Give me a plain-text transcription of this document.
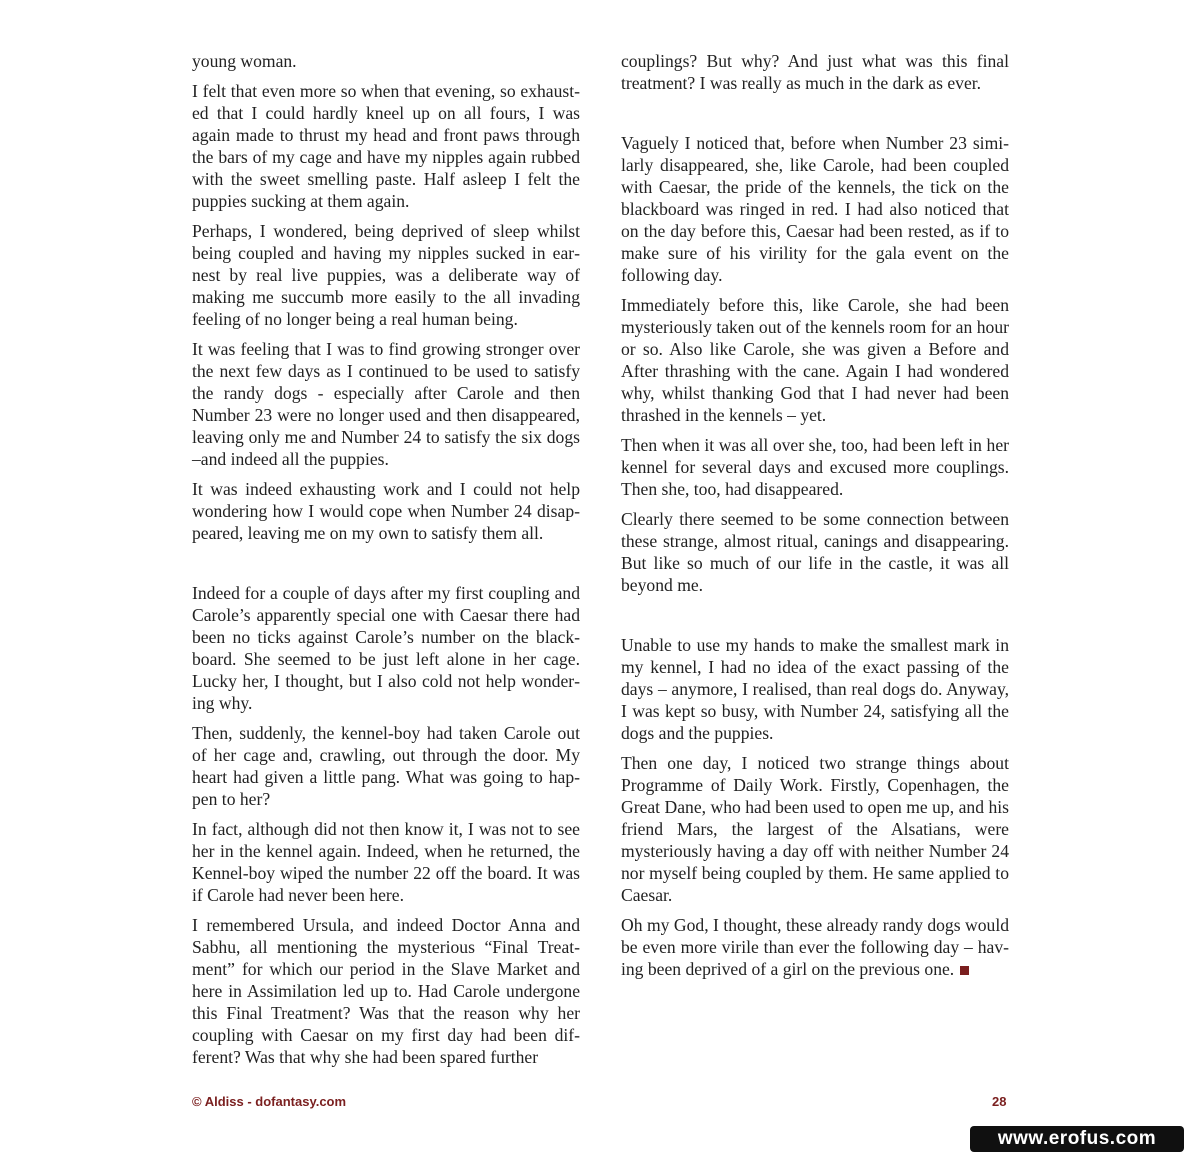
young woman.

I felt that even more so when that evening, so exhausted that I could hardly kneel up on all fours, I was again made to thrust my head and front paws through the bars of my cage and have my nipples again rubbed with the sweet smelling paste. Half asleep I felt the puppies sucking at them again.

Perhaps, I wondered, being deprived of sleep whilst being coupled and having my nipples sucked in earnest by real live puppies, was a deliberate way of making me succumb more easily to the all invading feeling of no longer being a real human being.

It was feeling that I was to find growing stronger over the next few days as I continued to be used to satisfy the randy dogs - especially after Carole and then Number 23 were no longer used and then disappeared, leaving only me and Number 24 to satisfy the six dogs –and indeed all the puppies.

It was indeed exhausting work and I could not help wondering how I would cope when Number 24 disappeared, leaving me on my own to satisfy them all.

Indeed for a couple of days after my first coupling and Carole’s apparently special one with Caesar there had been no ticks against Carole’s number on the blackboard. She seemed to be just left alone in her cage. Lucky her, I thought, but I also cold not help wondering why.

Then, suddenly, the kennel-boy had taken Carole out of her cage and, crawling, out through the door. My heart had given a little pang. What was going to happen to her?

In fact, although did not then know it, I was not to see her in the kennel again. Indeed, when he returned, the Kennel-boy wiped the number 22 off the board. It was if Carole had never been here.

I remembered Ursula, and indeed Doctor Anna and Sabhu, all mentioning the mysterious “Final Treatment” for which our period in the Slave Market and here in Assimilation led up to. Had Carole undergone this Final Treatment? Was that the reason why her coupling with Caesar on my first day had been different? Was that why she had been spared further

couplings? But why? And just what was this final treatment? I was really as much in the dark as ever.

Vaguely I noticed that, before when Number 23 similarly disappeared, she, like Carole, had been coupled with Caesar, the pride of the kennels, the tick on the blackboard was ringed in red. I had also noticed that on the day before this, Caesar had been rested, as if to make sure of his virility for the gala event on the following day.

Immediately before this, like Carole, she had been mysteriously taken out of the kennels room for an hour or so. Also like Carole, she was given a Before and After thrashing with the cane. Again I had wondered why, whilst thanking God that I had never had been thrashed in the kennels – yet.

Then when it was all over she, too, had been left in her kennel for several days and excused more couplings. Then she, too, had disappeared.

Clearly there seemed to be some connection between these strange, almost ritual, canings and disappearing. But like so much of our life in the castle, it was all beyond me.

Unable to use my hands to make the smallest mark in my kennel, I had no idea of the exact passing of the days – anymore, I realised, than real dogs do. Anyway, I was kept so busy, with Number 24, satisfying all the dogs and the puppies.

Then one day, I noticed two strange things about Programme of Daily Work. Firstly, Copenhagen, the Great Dane, who had been used to open me up, and his friend Mars, the largest of the Alsatians, were mysteriously having a day off with neither Number 24 nor myself being coupled by them. He same applied to Caesar.

Oh my God, I thought, these already randy dogs would be even more virile than ever the following day – having been deprived of a girl on the previous one.

© Aldiss - dofantasy.com	28
www.erofus.com
